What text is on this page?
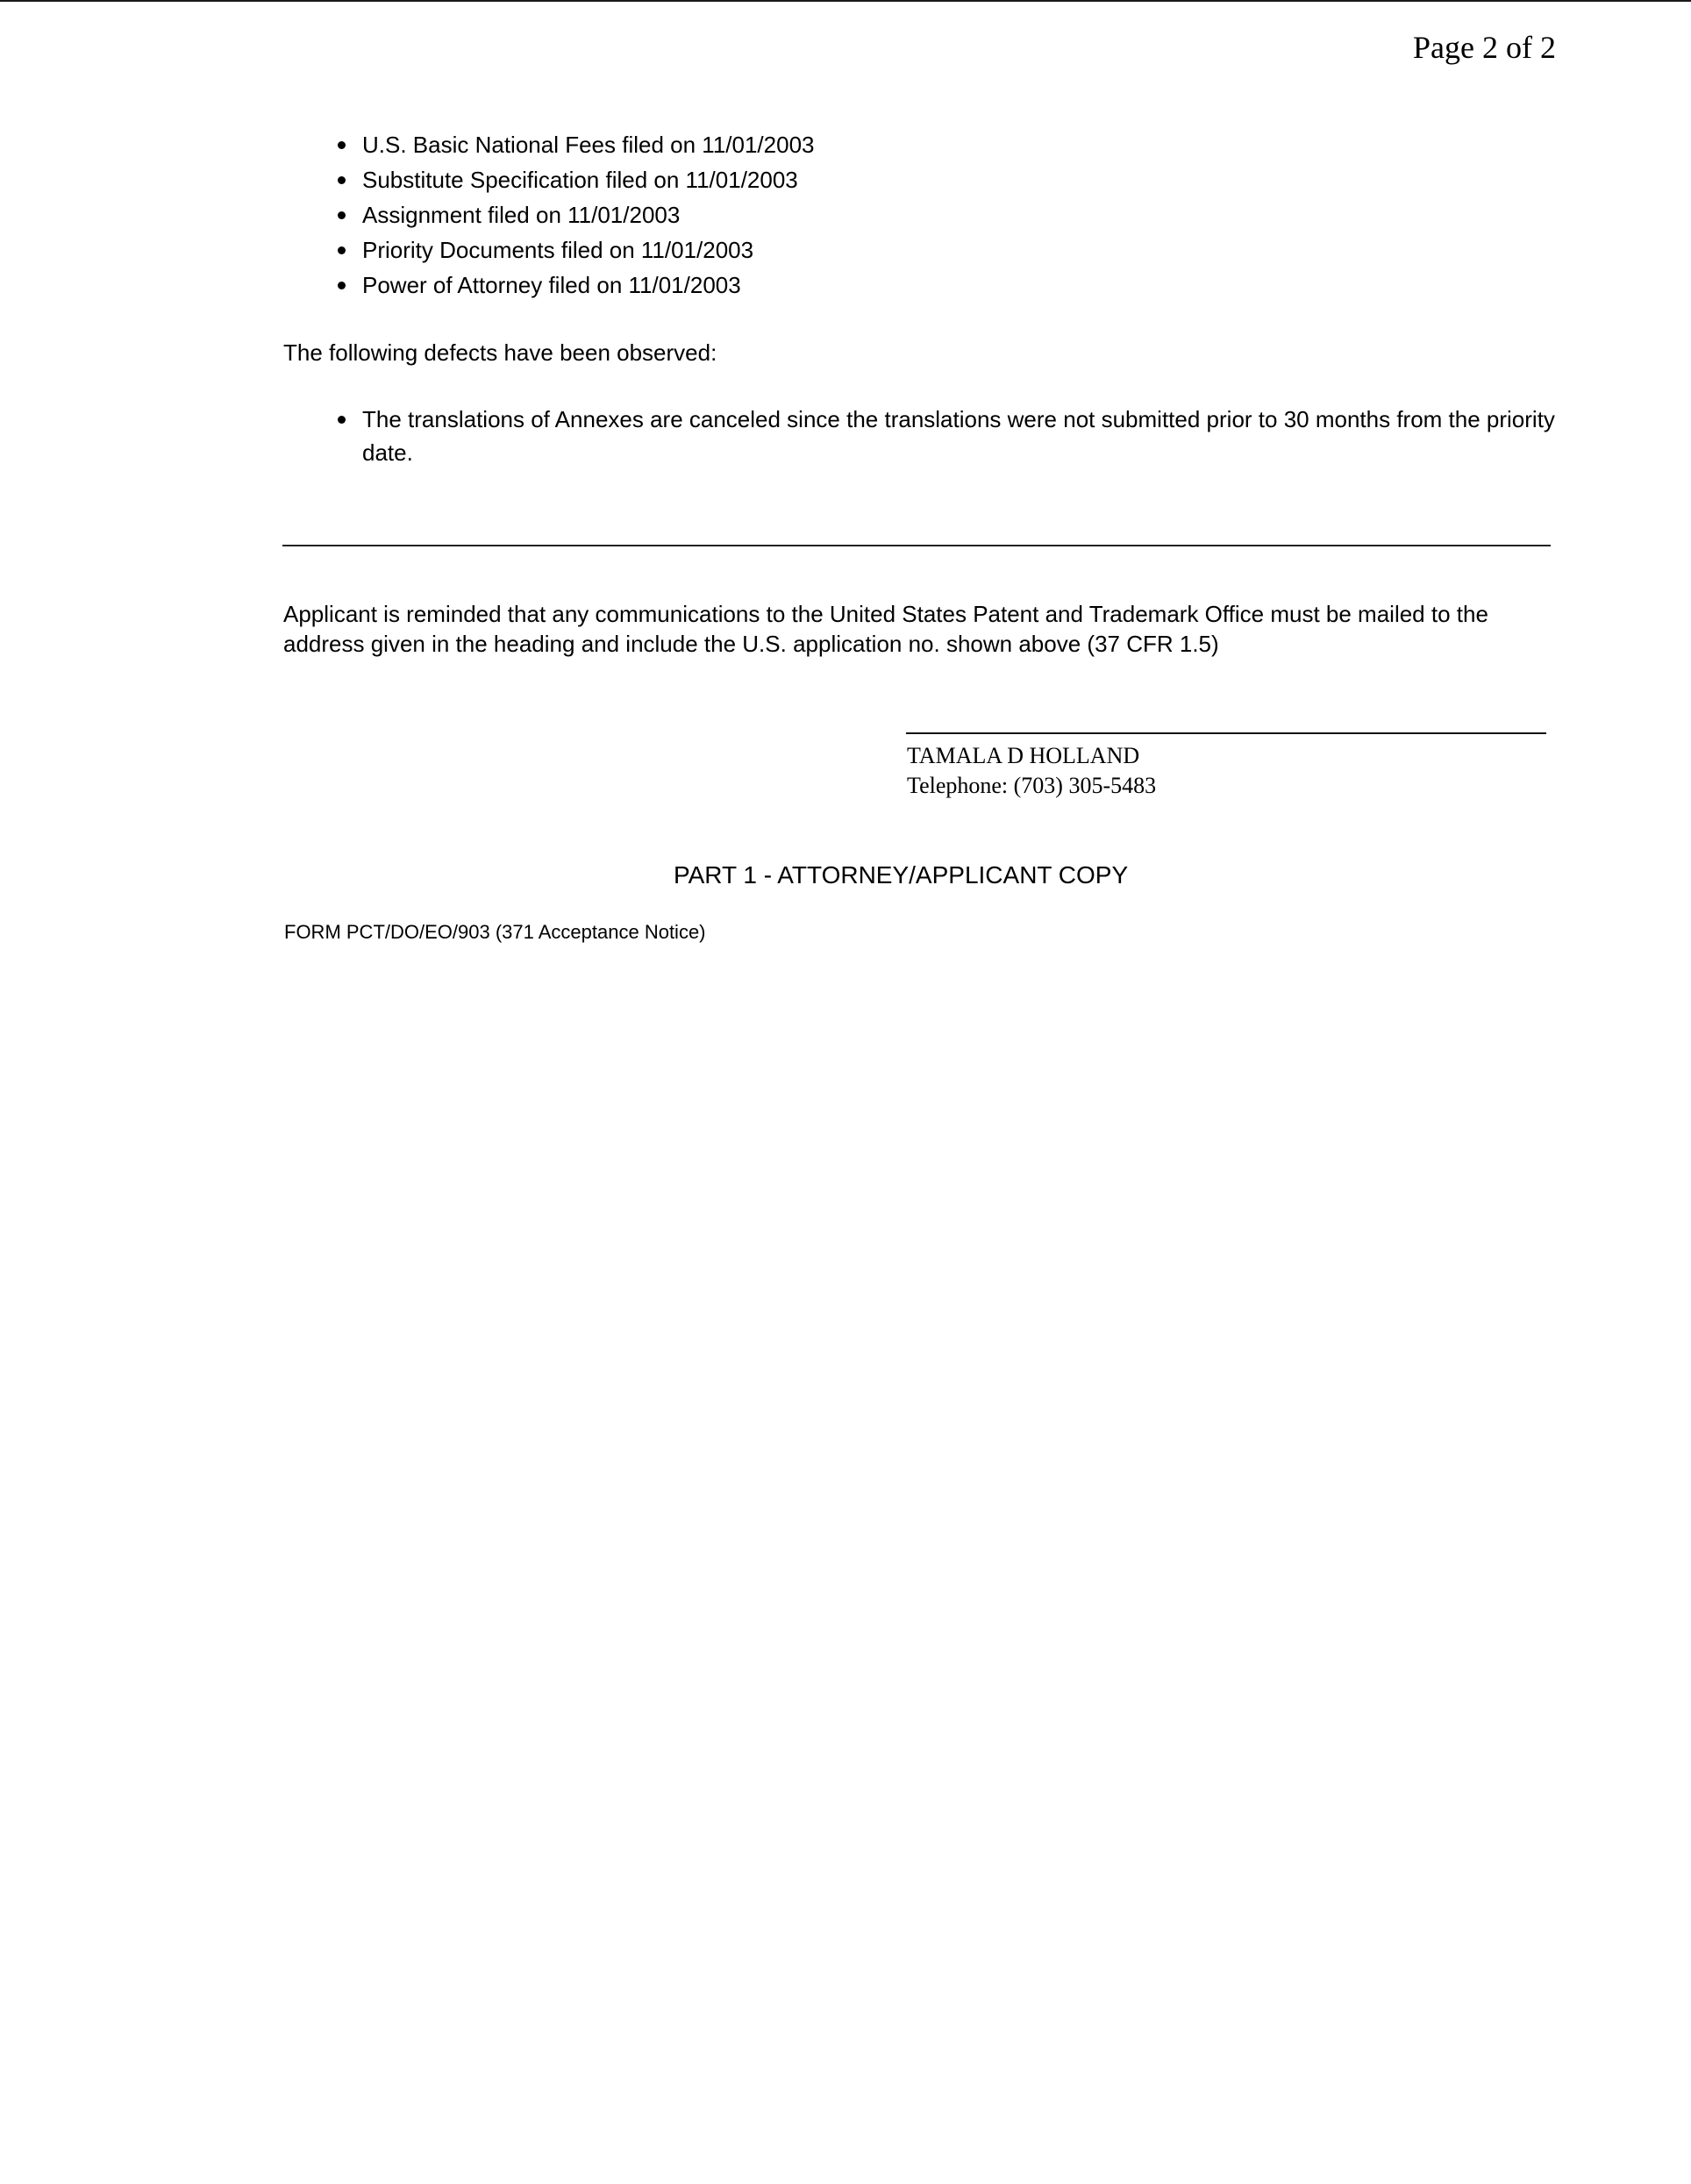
Page 2 of 2
U.S. Basic National Fees filed on 11/01/2003
Substitute Specification filed on 11/01/2003
Assignment filed on 11/01/2003
Priority Documents filed on 11/01/2003
Power of Attorney filed on 11/01/2003
The following defects have been observed:
The translations of Annexes are canceled since the translations were not submitted prior to 30 months from the priority date.
Applicant is reminded that any communications to the United States Patent and Trademark Office must be mailed to the address given in the heading and include the U.S. application no. shown above (37 CFR 1.5)
TAMALA D HOLLAND
Telephone: (703) 305-5483
PART 1 - ATTORNEY/APPLICANT COPY
FORM PCT/DO/EO/903 (371 Acceptance Notice)
